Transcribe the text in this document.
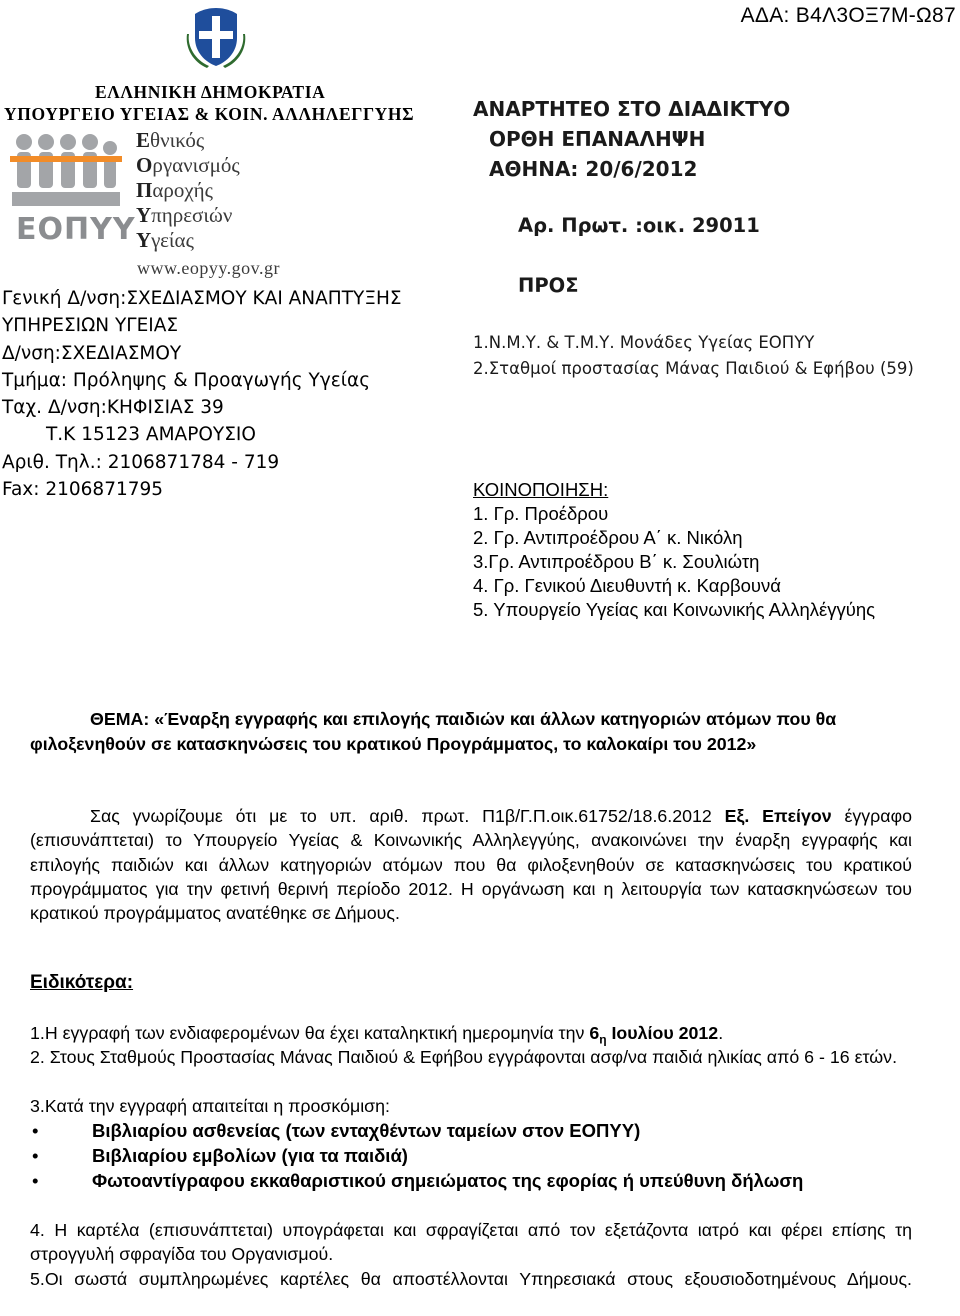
ΑΔΑ: Β4Λ3ΟΞ7Μ-Ω87
ΕΛΛΗΝΙΚΗ ΔΗΜΟΚΡΑΤΙΑ
ΥΠΟΥΡΓΕΙΟ ΥΓΕΙΑΣ & ΚΟΙΝ. ΑΛΛΗΛΕΓΓΥΗΣ
ΕΟΠΥΥ
Εθνικός
Οργανισμός
Παροχής
Υπηρεσιών
Υγείας
www.eopyy.gov.gr
Γενική Δ/νση:ΣΧΕΔΙΑΣΜΟΥ ΚΑΙ ΑΝΑΠΤΥΞΗΣ
ΥΠΗΡΕΣΙΩΝ ΥΓΕΙΑΣ
Δ/νση:ΣΧΕΔΙΑΣΜΟΥ
Τμήμα: Πρόληψης & Προαγωγής Υγείας
Ταχ. Δ/νση:ΚΗΦΙΣΙΑΣ 39
Τ.Κ 15123 ΑΜΑΡΟΥΣΙΟ
Αριθ. Τηλ.: 2106871784 - 719
Fax: 2106871795
ΑΝΑΡΤΗΤΕΟ ΣΤΟ ΔΙΑΔΙΚΤΥΟ
ΟΡΘΗ ΕΠΑΝΑΛΗΨΗ
ΑΘΗΝΑ: 20/6/2012
Αρ. Πρωτ. :οικ. 29011
ΠΡΟΣ
1.Ν.Μ.Υ. & Τ.Μ.Υ. Μονάδες Υγείας ΕΟΠΥΥ
2.Σταθμοί προστασίας Μάνας Παιδιού & Εφήβου (59)
ΚΟΙΝΟΠΟΙΗΣΗ:
1. Γρ. Προέδρου
2. Γρ. Αντιπροέδρου Α΄ κ. Νικόλη
3.Γρ. Αντιπροέδρου Β΄ κ. Σουλιώτη
4. Γρ. Γενικού Διευθυντή κ. Καρβουνά
5. Υπουργείο Υγείας και Κοινωνικής Αλληλέγγύης
ΘΕΜΑ: «Έναρξη εγγραφής και επιλογής παιδιών και άλλων κατηγοριών ατόμων που θα φιλοξενηθούν σε κατασκηνώσεις του κρατικού Προγράμματος, το καλοκαίρι του 2012»
Σας γνωρίζουμε ότι με το υπ. αριθ. πρωτ. Π1β/Γ.Π.οικ.61752/18.6.2012 Εξ. Επείγον έγγραφο (επισυνάπτεται) το Υπουργείο Υγείας & Κοινωνικής Αλληλεγγύης, ανακοινώνει την έναρξη εγγραφής και επιλογής παιδιών και άλλων κατηγοριών ατόμων που θα φιλοξενηθούν σε κατασκηνώσεις του κρατικού προγράμματος για την φετινή θερινή περίοδο 2012. Η οργάνωση και η λειτουργία των κατασκηνώσεων του κρατικού προγράμματος ανατέθηκε σε Δήμους.
Ειδικότερα:
1.Η εγγραφή των ενδιαφερομένων θα έχει καταληκτική ημερομηνία την $6_\eta$ Ιουλίου 2012.
2. Στους Σταθμούς Προστασίας Μάνας Παιδιού & Εφήβου εγγράφονται ασφ/να παιδιά ηλικίας από 6 - 16 ετών.
3.Κατά την εγγραφή απαιτείται η προσκόμιση:
•	Βιβλιαρίου ασθενείας (των ενταχθέντων ταμείων στον ΕΟΠΥΥ)
•	Βιβλιαρίου εμβολίων (για τα παιδιά)
•	Φωτοαντίγραφου εκκαθαριστικού σημειώματος της εφορίας ή υπεύθυνη δήλωση
4. Η καρτέλα (επισυνάπτεται) υπογράφεται και σφραγίζεται από τον εξετάζοντα ιατρό και φέρει επίσης τη στρογγυλή σφραγίδα του Οργανισμού.
5.Οι σωστά συμπληρωμένες καρτέλες θα αποστέλλονται Υπηρεσιακά στους εξουσιοδοτημένους Δήμους.
